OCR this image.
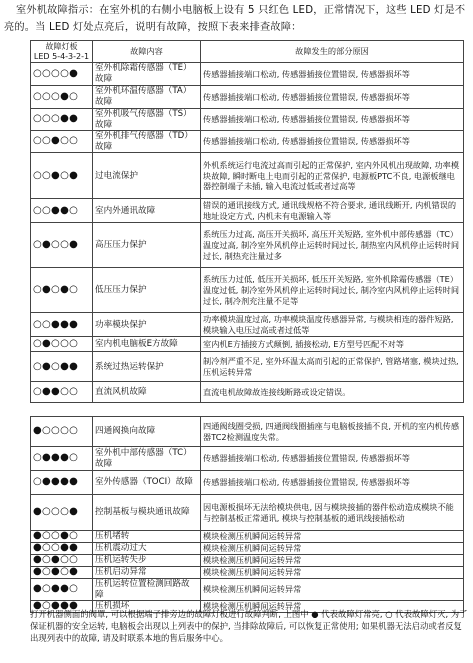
室外机故障指示：在室外机的右侧小电脑板上设有 5 只红色 LED，正常情况下，这些 LED 灯是不亮的。当 LED 灯处点亮后，说明有故障，按照下表来排查故障：
故障灯板
LED 5-4-3-2-1	故障内容	故障发生的部分原因
○○○○●	室外机除霜传感器（TE）故障	传感器插接端口松动, 传感器插接位置错误, 传感器损坏等
○○○●○	室外机环温传感器（TA）故障	传感器插接端口松动, 传感器插接位置错误, 传感器损坏等
○○○●●	室外机吸气传感器（TS）故障	传感器插接端口松动, 传感器插接位置错误, 传感器损坏等
○○●○○	室外机排气传感器（TD）故障	传感器插接端口松动, 传感器插接位置错误, 传感器损坏等
○○●○●	过电流保护	外机系统运行电流过高而引起的正常保护, 室内外风机出现故障, 功率模块故障, 瞬时断电上电而引起的正常保护, 电源板PTC不良, 电源板继电器控制端子未插, 输入电流过低或者过高等
○○●●○	室内外通讯故障	错误的通讯接线方式, 通讯线规格不符合要求, 通讯线断开, 内机错误的地址设定方式, 内机未有电源输入等
○●○○●	高压压力保护	系统压力过高, 高压开关损坏, 高压开关短路, 室外机中部传感器（TC）温度过高, 制冷室外风机停止运转时间过长, 制热室内风机停止运转时间过长, 制热充注量过多
○●○●○	低压压力保护	系统压力过低, 低压开关损坏, 低压开关短路, 室外机除霜传感器（TE）温度过低, 制冷室外风机停止运转时间过长, 制冷室内风机停止运转时间过长, 制冷剂充注量不足等
○○●●●	功率模块保护	功率模块温度过高, 功率模块温度传感器异常, 与模块相连的器件短路, 模块输入电压过高或者过低等
○●○○○	室内机电脑板E方故障	室内机E方插接方式颠倒, 插接松动, E方型号匹配不对等
○●○●●	系统过热运转保护	制冷剂严重不足, 室外环温太高而引起的正常保护, 管路堵塞, 模块过热, 压机运转异常
○●●○○	直流风机故障	直流电机故障故连接线断路或设定错误。
●○○○○	四通阀换向故障	四通阀线圈受损, 四通阀线圈插座与电脑板接插不良, 开机的室内机传感器TC2检测温度失常。
○●●●○	室外机中部传感器（TC）故障	传感器插接端口松动, 传感器插接位置错误, 传感器损坏等
○●●●●	室外传感器（TOCI）故障	传感器插接端口松动, 传感器插接位置错误, 传感器损坏等
●○○○●	控制基板与模块通讯故障	因电源板损坏无法给模块供电, 因与模块接插的器件松动造成模块不能与控制基板正常通讯, 模块与控制基板的通讯线接插松动
●○○●○	压机堵转	模块检测压机瞬间运转异常
●○○●●	压机震动过大	模块检测压机瞬间运转异常
●○●○○	压机运转失步	模块检测压机瞬间运转异常
●○●○●	压机启动异常	模块检测压机瞬间运转异常
●○●●○	压机运转位置检测回路故障	模块检测压机瞬间运转异常
●○●●●	压机损坏	模块检测压机瞬间运转异常
打开机器侧面的阀罩, 可以根据端子排旁边的故障灯板进行故障判断, 上图中 ● 代表故障灯常亮, ○ 代表故障灯灭, 为了保证机器的安全运转, 电脑板会出现以上列表中的保护, 当排除故障后, 可以恢复正常使用; 如果机器无法启动或者反复出现列表中的故障, 请及时联系本地的售后服务中心。
